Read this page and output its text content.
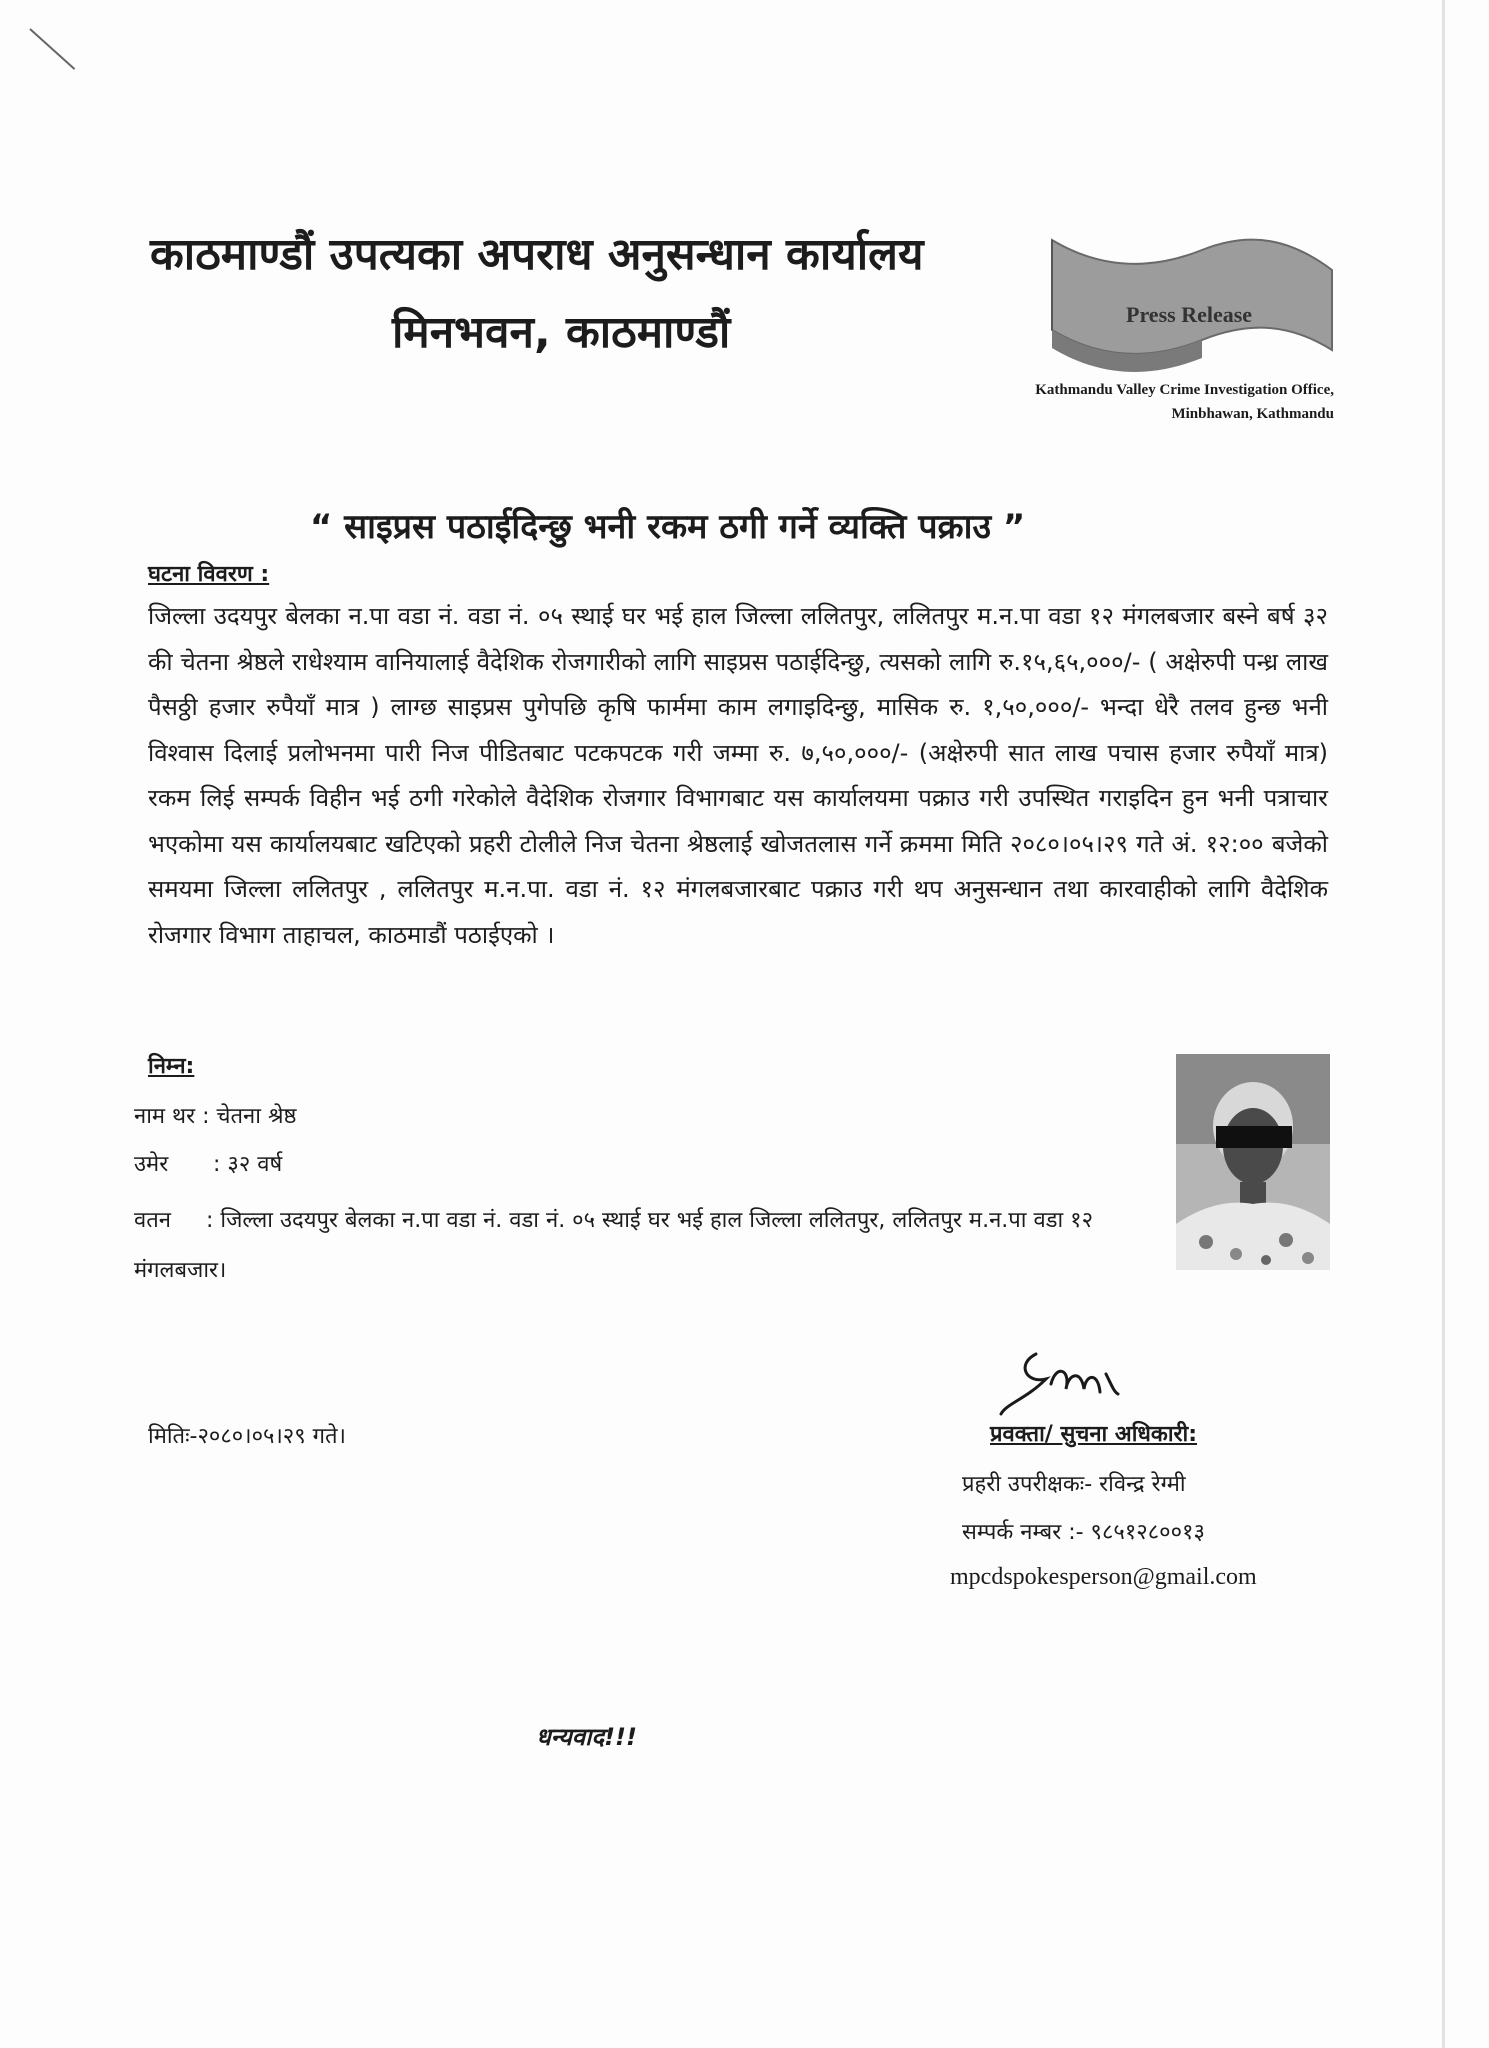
काठमाण्डौं उपत्यका अपराध अनुसन्धान कार्यालय
मिनभवन, काठमाण्डौं	Press Release
Kathmandu Valley Crime Investigation Office,
Minbhawan, Kathmandu
“ साइप्रस पठाईदिन्छु भनी रकम ठगी गर्ने व्यक्ति पक्राउ ”
घटना विवरण :
जिल्ला उदयपुर बेलका न.पा वडा नं. वडा नं. ०५ स्थाई घर भई हाल जिल्ला ललितपुर, ललितपुर म.न.पा वडा १२ मंगलबजार बस्ने बर्ष ३२ की चेतना श्रेष्ठले राधेश्याम वानियालाई वैदेशिक रोजगारीको लागि साइप्रस पठाईदिन्छु, त्यसको लागि रु.१५,६५,०००/- ( अक्षेरुपी पन्ध्र लाख पैसठ्ठी हजार रुपैयाँ मात्र ) लाग्छ साइप्रस पुगेपछि कृषि फार्ममा काम लगाइदिन्छु, मासिक रु. १,५०,०००/- भन्दा धेरै तलव हुन्छ भनी विश्वास दिलाई प्रलोभनमा पारी निज पीडितबाट पटकपटक गरी जम्मा रु. ७,५०,०००/- (अक्षेरुपी सात लाख पचास हजार रुपैयाँ मात्र) रकम लिई सम्पर्क विहीन भई ठगी गरेकोले वैदेशिक रोजगार विभागबाट यस कार्यालयमा पक्राउ गरी उपस्थित गराइदिन हुन भनी पत्राचार भएकोमा यस कार्यालयबाट खटिएको प्रहरी टोलीले निज चेतना श्रेष्ठलाई खोजतलास गर्ने क्रममा मिति २०८०।०५।२९ गते अं. १२:०० बजेको समयमा जिल्ला ललितपुर , ललितपुर म.न.पा. वडा नं. १२ मंगलबजारबाट पक्राउ गरी थप अनुसन्धान तथा कारवाहीको लागि वैदेशिक रोजगार विभाग ताहाचल, काठमाडौं पठाईएको ।
निम्न:
नाम थर : चेतना श्रेष्ठ
उमेर : ३२ वर्ष
वतन : जिल्ला उदयपुर बेलका न.पा वडा नं. वडा नं. ०५ स्थाई घर भई हाल जिल्ला ललितपुर, ललितपुर म.न.पा वडा १२ मंगलबजार।
मितिः-२०८०।०५।२९ गते।	प्रवक्ता/ सुचना अधिकारी:
प्रहरी उपरीक्षकः- रविन्द्र रेग्मी
सम्पर्क नम्बर :- ९८५१२८००१३
mpcdspokesperson@gmail.com
धन्यवाद!!!
